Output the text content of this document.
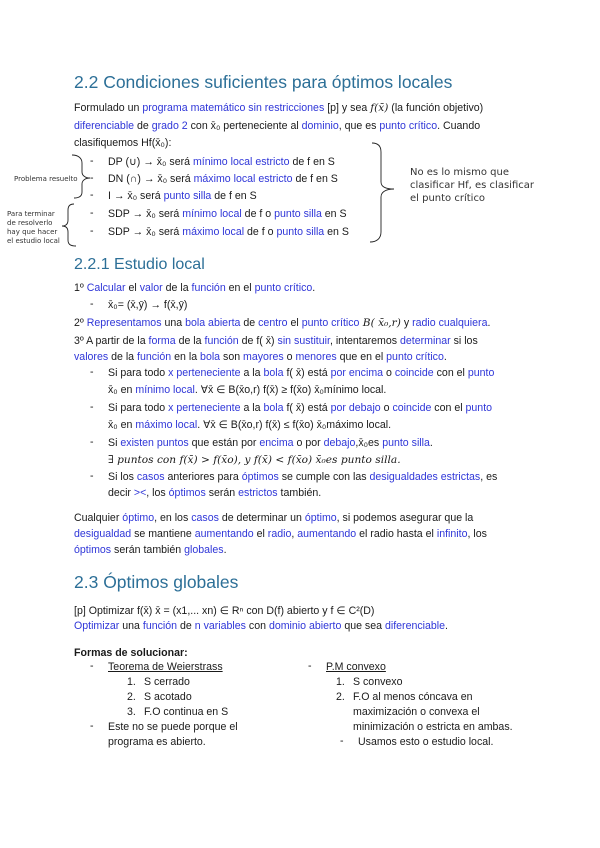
2.2 Condiciones suficientes para óptimos locales
Formulado un programa matemático sin restricciones [p] y sea f(x̄) (la función objetivo)
diferenciable de grado 2 con x̄₀ perteneciente al dominio, que es punto crítico. Cuando
clasifiquemos Hf(x̄₀):
- DP (∪) → x̄₀ será mínimo local estricto de f en S
- DN (∩) → x̄₀ será máximo local estricto de f en S
- I → x̄₀ será punto silla de f en S
- SDP → x̄₀ será mínimo local de f o punto silla en S
- SDP → x̄₀ será máximo local de f o punto silla en S
Problema resuelto
Para terminar
de resolverlo
hay que hacer
el estudio local
No es lo mismo que
clasificar Hf, es clasificar
el punto crítico
2.2.1 Estudio local
1º Calcular el valor de la función en el punto crítico.
- x̄₀= (x̄,ȳ) → f(x̄,ȳ)
2º Representamos una bola abierta de centro el punto crítico B( x̄₀,r) y radio cualquiera.
3º A partir de la forma de la función de f( x̄) sin sustituir, intentaremos determinar si los
valores de la función en la bola son mayores o menores que en el punto crítico.
- Si para todo x perteneciente a la bola f( x̄) está por encima o coincide con el punto
x̄₀ en mínimo local. ∀x̄ ∈ B(x̄o,r) f(x̄) ≥ f(x̄o) x̄₀mínimo local.
- Si para todo x perteneciente a la bola f( x̄) está por debajo o coincide con el punto
x̄₀ en máximo local. ∀x̄ ∈ B(x̄o,r) f(x̄) ≤ f(x̄o) x̄₀máximo local.
- Si existen puntos que están por encima o por debajo,x̄₀es punto silla.
∃ puntos con f(x̄) > f(x̄o), y f(x̄) < f(x̄o) x̄₀es punto silla.
- Si los casos anteriores para óptimos se cumple con las desigualdades estrictas, es
decir ><, los óptimos serán estrictos también.
Cualquier óptimo, en los casos de determinar un óptimo, si podemos asegurar que la
desigualdad se mantiene aumentando el radio, aumentando el radio hasta el infinito, los
óptimos serán también globales.
2.3 Óptimos globales
[p] Optimizar f(x̄) x̄ = (x1,... xn) ∈ Rⁿ con D(f) abierto y f ∈ C²(D)
Optimizar una función de n variables con dominio abierto que sea diferenciable.
Formas de solucionar:
- Teorema de Weierstrass
1. S cerrado
2. S acotado
3. F.O continua en S
- Este no se puede porque el
programa es abierto.
- P.M convexo
1. S convexo
2. F.O al menos cóncava en
maximización o convexa el
minimización o estricta en ambas.
- Usamos esto o estudio local.
